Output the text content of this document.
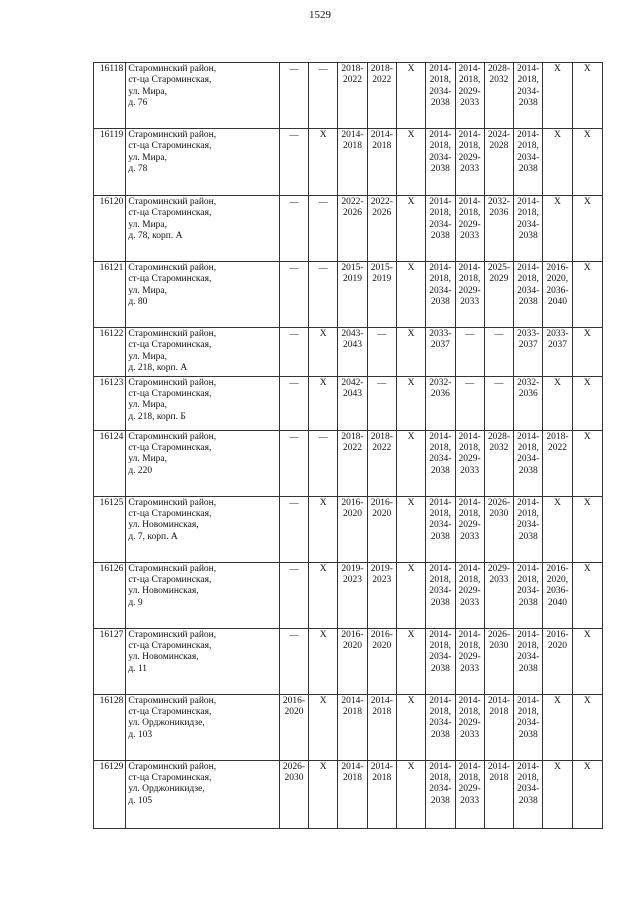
1529
16118	Староминский район,
ст-ца Староминская,
ул. Мира,
д. 76	—	—	2018-
2022	2018-
2022	X	2014-
2018,
2034-
2038	2014-
2018,
2029-
2033	2028-
2032	2014-
2018,
2034-
2038	X	X

16119	Староминский район,
ст-ца Староминская,
ул. Мира,
д. 78	—	X	2014-
2018	2014-
2018	X	2014-
2018,
2034-
2038	2014-
2018,
2029-
2033	2024-
2028	2014-
2018,
2034-
2038	X	X

16120	Староминский район,
ст-ца Староминская,
ул. Мира,
д. 78, корп. А	—	—	2022-
2026	2022-
2026	X	2014-
2018,
2034-
2038	2014-
2018,
2029-
2033	2032-
2036	2014-
2018,
2034-
2038	X	X

16121	Староминский район,
ст-ца Староминская,
ул. Мира,
д. 80	—	—	2015-
2019	2015-
2019	X	2014-
2018,
2034-
2038	2014-
2018,
2029-
2033	2025-
2029	2014-
2018,
2034-
2038	2016-
2020,
2036-
2040	X

16122	Староминский район,
ст-ца Староминская,
ул. Мира,
д. 218, корп. А	—	X	2043-
2043	—	X	2033-
2037	—	—	2033-
2037	2033-
2037	X

16123	Староминский район,
ст-ца Староминская,
ул. Мира,
д. 218, корп. Б	—	X	2042-
2043	—	X	2032-
2036	—	—	2032-
2036	X	X

16124	Староминский район,
ст-ца Староминская,
ул. Мира,
д. 220	—	—	2018-
2022	2018-
2022	X	2014-
2018,
2034-
2038	2014-
2018,
2029-
2033	2028-
2032	2014-
2018,
2034-
2038	2018-
2022	X

16125	Староминский район,
ст-ца Староминская,
ул. Новоминская,
д. 7, корп. А	—	X	2016-
2020	2016-
2020	X	2014-
2018,
2034-
2038	2014-
2018,
2029-
2033	2026-
2030	2014-
2018,
2034-
2038	X	X

16126	Староминский район,
ст-ца Староминская,
ул. Новоминская,
д. 9	—	X	2019-
2023	2019-
2023	X	2014-
2018,
2034-
2038	2014-
2018,
2029-
2033	2029-
2033	2014-
2018,
2034-
2038	2016-
2020,
2036-
2040	X

16127	Староминский район,
ст-ца Староминская,
ул. Новоминская,
д. 11	—	X	2016-
2020	2016-
2020	X	2014-
2018,
2034-
2038	2014-
2018,
2029-
2033	2026-
2030	2014-
2018,
2034-
2038	2016-
2020	X

16128	Староминский район,
ст-ца Староминская,
ул. Орджоникидзе,
д. 103	2016-
2020	X	2014-
2018	2014-
2018	X	2014-
2018,
2034-
2038	2014-
2018,
2029-
2033	2014-
2018	2014-
2018,
2034-
2038	X	X

16129	Староминский район,
ст-ца Староминская,
ул. Орджоникидзе,
д. 105	2026-
2030	X	2014-
2018	2014-
2018	X	2014-
2018,
2034-
2038	2014-
2018,
2029-
2033	2014-
2018	2014-
2018,
2034-
2038	X	X
